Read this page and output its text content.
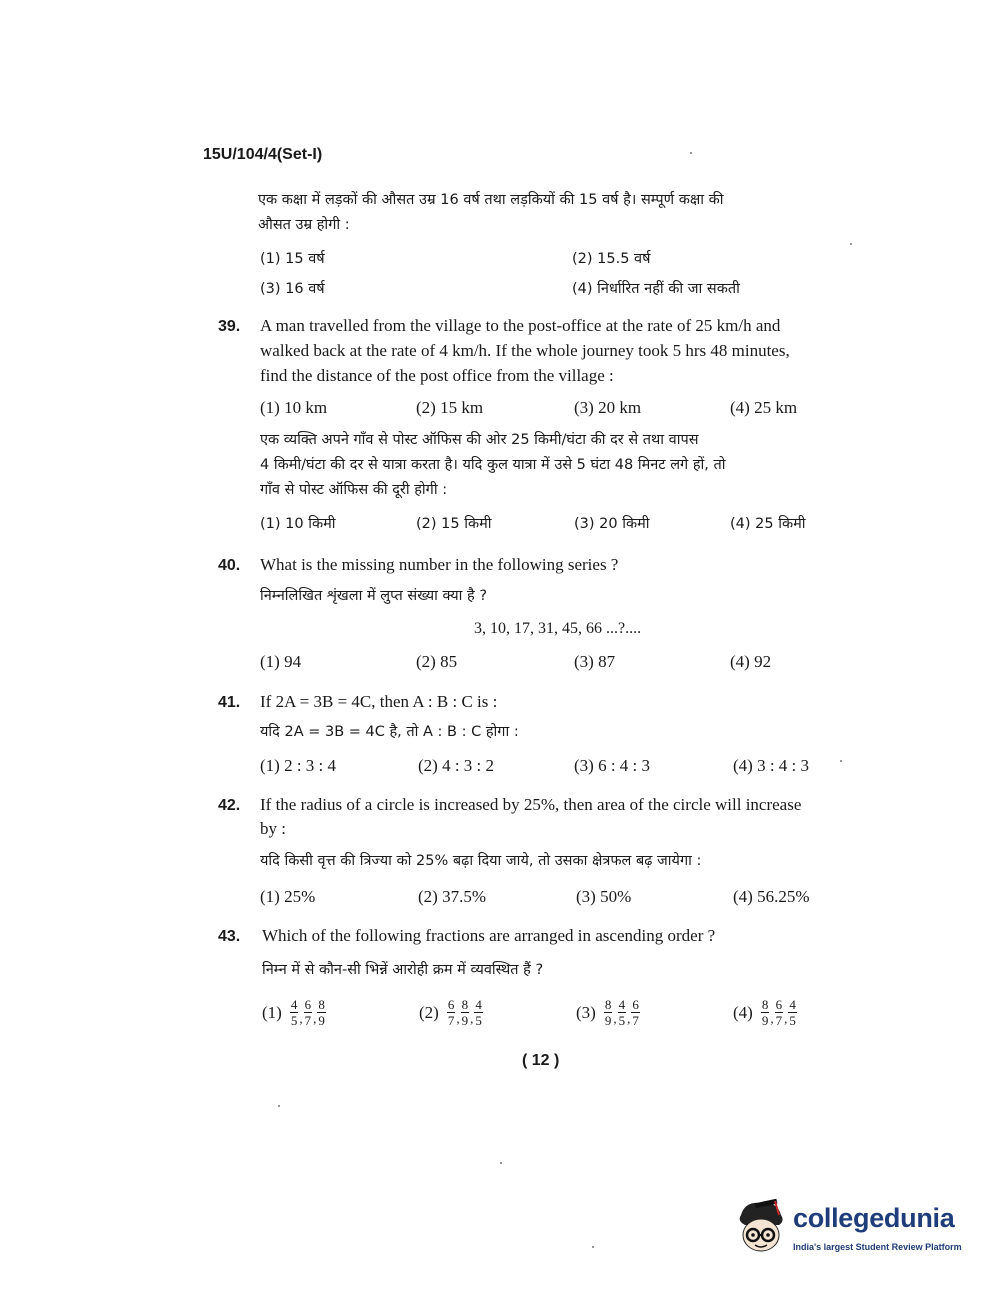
15U/104/4(Set-I)
एक कक्षा में लड़कों की औसत उम्र 16 वर्ष तथा लड़कियों की 15 वर्ष है। सम्पूर्ण कक्षा की
औसत उम्र होगी :
(1) 15 वर्ष	(2) 15.5 वर्ष
(3) 16 वर्ष	(4) निर्धारित नहीं की जा सकती
39. A man travelled from the village to the post-office at the rate of 25 km/h and
walked back at the rate of 4 km/h. If the whole journey took 5 hrs 48 minutes,
find the distance of the post office from the village :
(1) 10 km	(2) 15 km	(3) 20 km	(4) 25 km
एक व्यक्ति अपने गाँव से पोस्ट ऑफिस की ओर 25 किमी/घंटा की दर से तथा वापस
4 किमी/घंटा की दर से यात्रा करता है। यदि कुल यात्रा में उसे 5 घंटा 48 मिनट लगे हों, तो
गाँव से पोस्ट ऑफिस की दूरी होगी :
(1) 10 किमी	(2) 15 किमी	(3) 20 किमी	(4) 25 किमी
40. What is the missing number in the following series ?
निम्नलिखित शृंखला में लुप्त संख्या क्या है ?
3, 10, 17, 31, 45, 66 ...?....
(1) 94	(2) 85	(3) 87	(4) 92
41. If 2A = 3B = 4C, then A : B : C is :
यदि 2A = 3B = 4C है, तो A : B : C होगा :
(1) 2 : 3 : 4	(2) 4 : 3 : 2	(3) 6 : 4 : 3	(4) 3 : 4 : 3
42. If the radius of a circle is increased by 25%, then area of the circle will increase
by :
यदि किसी वृत्त की त्रिज्या को 25% बढ़ा दिया जाये, तो उसका क्षेत्रफल बढ़ जायेगा :
(1) 25%	(2) 37.5%	(3) 50%	(4) 56.25%
43. Which of the following fractions are arranged in ascending order ?
निम्न में से कौन-सी भिन्नें आरोही क्रम में व्यवस्थित हैं ?
$(1) \frac{4}{5}$ , $\frac{6}{7}$ , $\frac{8}{9}$	$(2) \frac{6}{7}$ , $\frac{8}{9}$ , $\frac{4}{5}$	$(3) \frac{8}{9}$ , $\frac{4}{5}$ , $\frac{6}{7}$	$(4) \frac{8}{9}$ , $\frac{6}{7}$ , $\frac{4}{5}$
( 12 )
collegedunia
India's largest Student Review Platform
